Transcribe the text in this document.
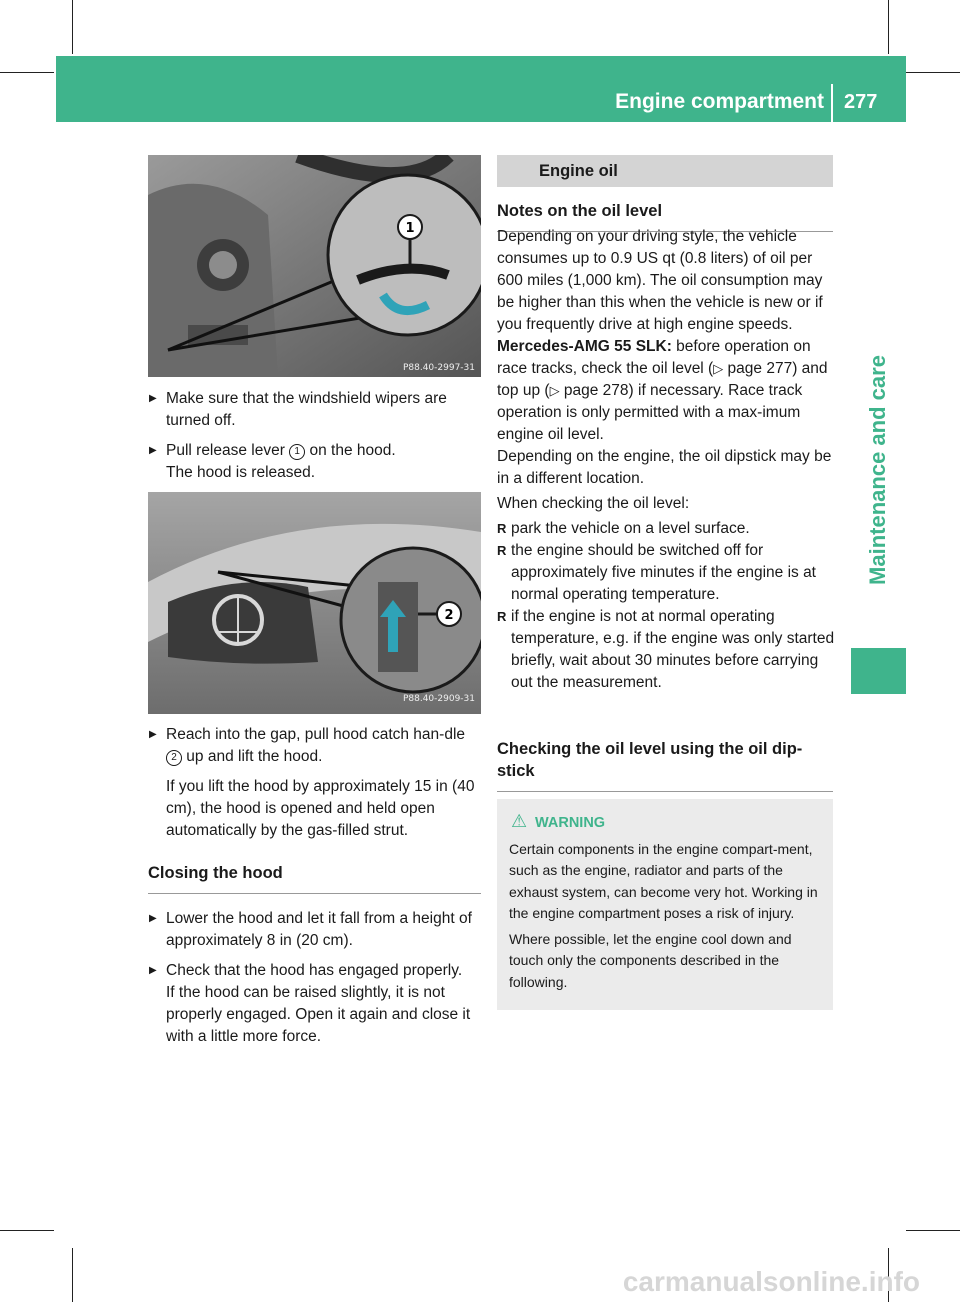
Engine compartment 277
Maintenance and care
1
P88.40-2997-31

▶ Make sure that the windshield wipers are turned off.

▶ Pull release lever 1 on the hood.

The hood is released.

2
P88.40-2909-31

▶ Reach into the gap, pull hood catch han-dle 2 up and lift the hood.

If you lift the hood by approximately 15 in (40 cm), the hood is opened and held open automatically by the gas-filled strut.

Closing the hood

▶ Lower the hood and let it fall from a height of approximately 8 in (20 cm).

▶ Check that the hood has engaged properly.

If the hood can be raised slightly, it is not properly engaged. Open it again and close it with a little more force.

Engine oil
Notes on the oil level

Depending on your driving style, the vehicle consumes up to 0.9 US qt (0.8 liters) of oil per 600 miles (1,000 km). The oil consumption may be higher than this when the vehicle is new or if you frequently drive at high engine speeds.

Mercedes-AMG 55 SLK: before operation on race tracks, check the oil level (▷ page 277) and top up (▷ page 278) if necessary. Race track operation is only permitted with a max-imum engine oil level.

Depending on the engine, the oil dipstick may be in a different location.

When checking the oil level:

R park the vehicle on a level surface.

R the engine should be switched off for approximately five minutes if the engine is at normal operating temperature.

R if the engine is not at normal operating temperature, e.g. if the engine was only started briefly, wait about 30 minutes before carrying out the measurement.

Checking the oil level using the oil dip-stick
⚠ WARNING

Certain components in the engine compart-ment, such as the engine, radiator and parts of the exhaust system, can become very hot. Working in the engine compartment poses a risk of injury.

Where possible, let the engine cool down and touch only the components described in the following.

carmanualsonline.info
